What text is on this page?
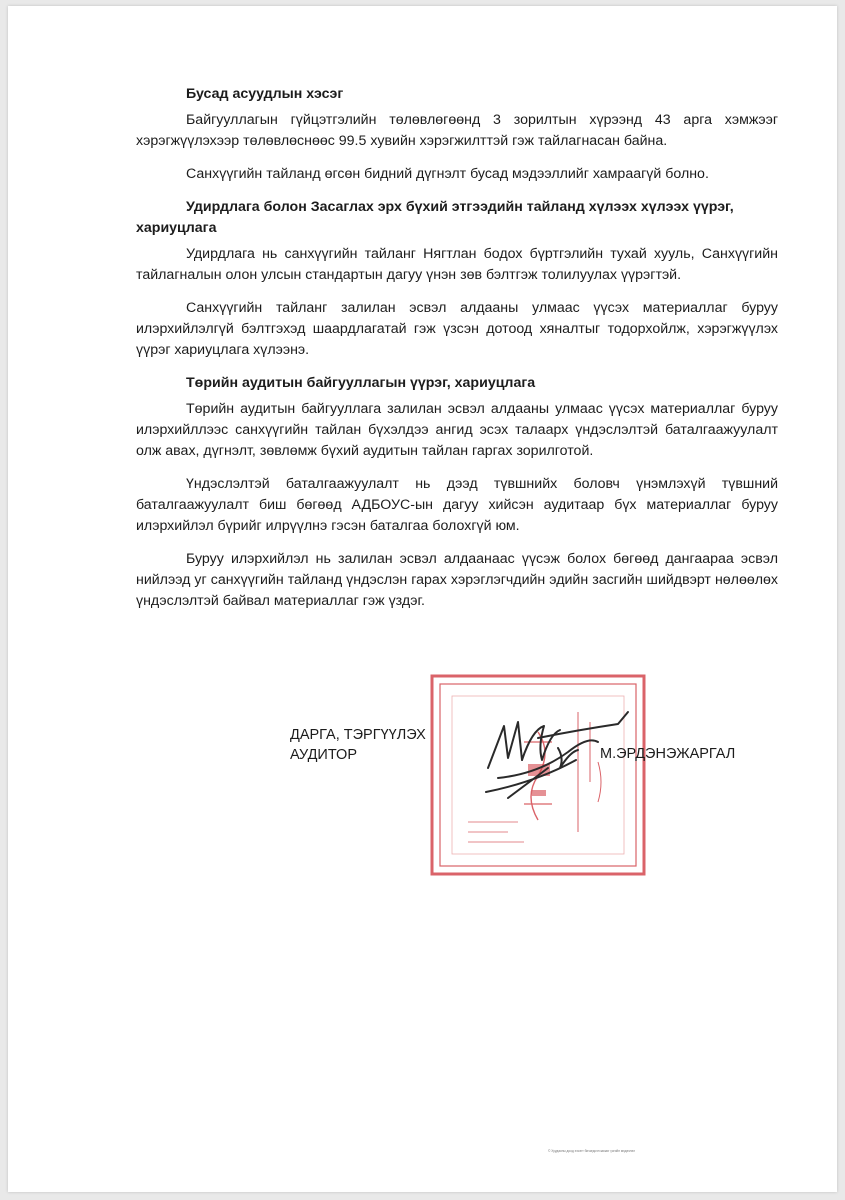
Бусад асуудлын хэсэг

Байгууллагын гүйцэтгэлийн төлөвлөгөөнд 3 зорилтын хүрээнд 43 арга хэмжээг хэрэгжүүлэхээр төлөвлөснөөс 99.5 хувийн хэрэгжилттэй гэж тайлагнасан байна.

Санхүүгийн тайланд өгсөн бидний дүгнэлт бусад мэдээллийг хамраагүй болно.

Удирдлага болон Засаглах эрх бүхий этгээдийн тайланд хүлээх хүлээх үүрэг, хариуцлага

Удирдлага нь санхүүгийн тайланг Нягтлан бодох бүртгэлийн тухай хууль, Санхүүгийн тайлагналын олон улсын стандартын дагуу үнэн зөв бэлтгэж толилуулах үүрэгтэй.

Санхүүгийн тайланг залилан эсвэл алдааны улмаас үүсэх материаллаг буруу илэрхийлэлгүй бэлтгэхэд шаардлагатай гэж үзсэн дотоод хяналтыг тодорхойлж, хэрэгжүүлэх үүрэг хариуцлага хүлээнэ.

Төрийн аудитын байгууллагын үүрэг, хариуцлага

Төрийн аудитын байгууллага залилан эсвэл алдааны улмаас үүсэх материаллаг буруу илэрхийллээс санхүүгийн тайлан бүхэлдээ ангид эсэх талаарх үндэслэлтэй баталгаажуулалт олж авах, дүгнэлт, зөвлөмж бүхий аудитын тайлан гаргах зорилготой.

Үндэслэлтэй баталгаажуулалт нь дээд түвшнийх боловч үнэмлэхүй түвшний баталгаажуулалт биш бөгөөд АДБОУС-ын дагуу хийсэн аудитаар бүх материаллаг буруу илэрхийлэл бүрийг илрүүлнэ гэсэн баталгаа болохгүй юм.

Буруу илэрхийлэл нь залилан эсвэл алдаанаас үүсэж болох бөгөөд дангаараа эсвэл нийлээд уг санхүүгийн тайланд үндэслэн гарах хэрэглэгчдийн эдийн засгийн шийдвэрт нөлөөлөх үндэслэлтэй байвал материаллаг гэж үздэг.

ДАРГА, ТЭРГҮҮЛЭХ
АУДИТОР	М.ЭРДЭНЭЖАРГАЛ
© Хуудасны доод хэсэгт бичигдсэн жижиг үсгийн мэдээлэл
